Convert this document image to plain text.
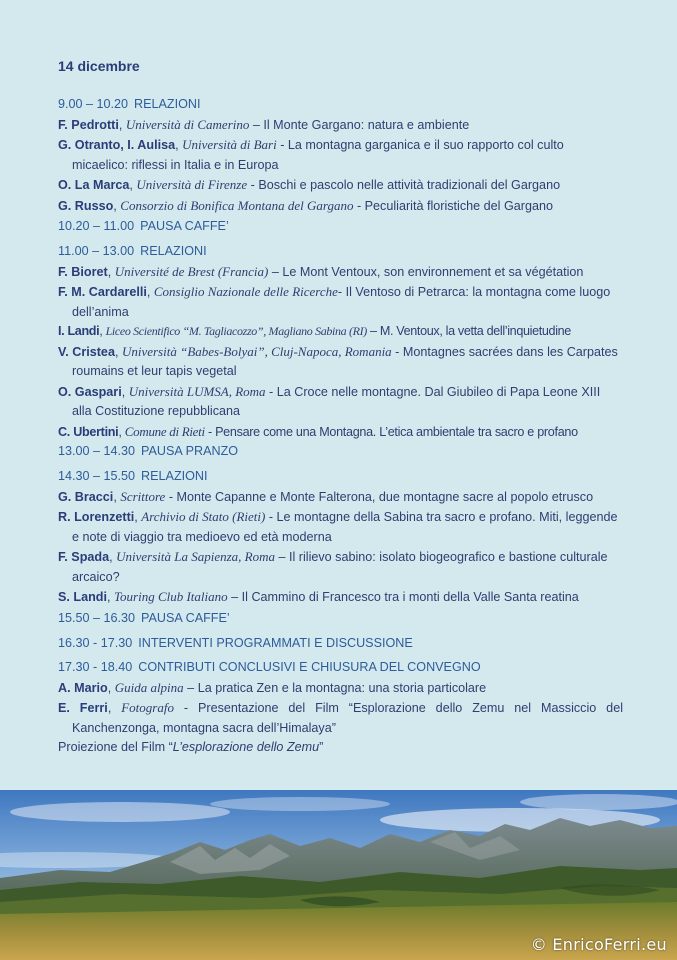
14 dicembre
9.00 – 10.20 RELAZIONI
F. Pedrotti, Università di Camerino – Il Monte Gargano: natura e ambiente
G. Otranto, I. Aulisa, Università di Bari - La montagna garganica e il suo rapporto col culto micaelico: riflessi in Italia e in Europa
O. La Marca, Università di Firenze - Boschi e pascolo nelle attività tradizionali del Gargano
G. Russo, Consorzio di Bonifica Montana del Gargano - Peculiarità floristiche del Gargano
10.20 – 11.00 PAUSA CAFFE’
11.00 – 13.00 RELAZIONI
F. Bioret, Université de Brest (Francia) – Le Mont Ventoux, son environnement et sa végétation
F. M. Cardarelli, Consiglio Nazionale delle Ricerche- Il Ventoso di Petrarca: la montagna come luogo dell’anima
I. Landi, Liceo Scientifico “M. Tagliacozzo”, Magliano Sabina (RI) – M. Ventoux, la vetta dell’inquietudine
V. Cristea, Università “Babes-Bolyai”, Cluj-Napoca, Romania - Montagnes sacrées dans les Carpates roumains et leur tapis vegetal
O. Gaspari, Università LUMSA, Roma - La Croce nelle montagne. Dal Giubileo di Papa Leone XIII alla Costituzione repubblicana
C. Ubertini, Comune di Rieti - Pensare come una Montagna. L’etica ambientale tra sacro e profano
13.00 – 14.30 PAUSA PRANZO
14.30 – 15.50 RELAZIONI
G. Bracci, Scrittore - Monte Capanne e Monte Falterona, due montagne sacre al popolo etrusco
R. Lorenzetti, Archivio di Stato (Rieti) - Le montagne della Sabina tra sacro e profano. Miti, leggende e note di viaggio tra medioevo ed età moderna
F. Spada, Università La Sapienza, Roma – Il rilievo sabino: isolato biogeografico e bastione culturale arcaico?
S. Landi, Touring Club Italiano – Il Cammino di Francesco tra i monti della Valle Santa reatina
15.50 – 16.30 PAUSA CAFFE’
16.30 - 17.30 INTERVENTI PROGRAMMATI E DISCUSSIONE
17.30 - 18.40 CONTRIBUTI CONCLUSIVI E CHIUSURA DEL CONVEGNO
A. Mario, Guida alpina – La pratica Zen e la montagna: una storia particolare
E. Ferri, Fotografo - Presentazione del Film “Esplorazione dello Zemu nel Massiccio del Kanchenzonga, montagna sacra dell’Himalaya”
Proiezione del Film “L’esplorazione dello Zemu”
© EnricoFerri.eu
